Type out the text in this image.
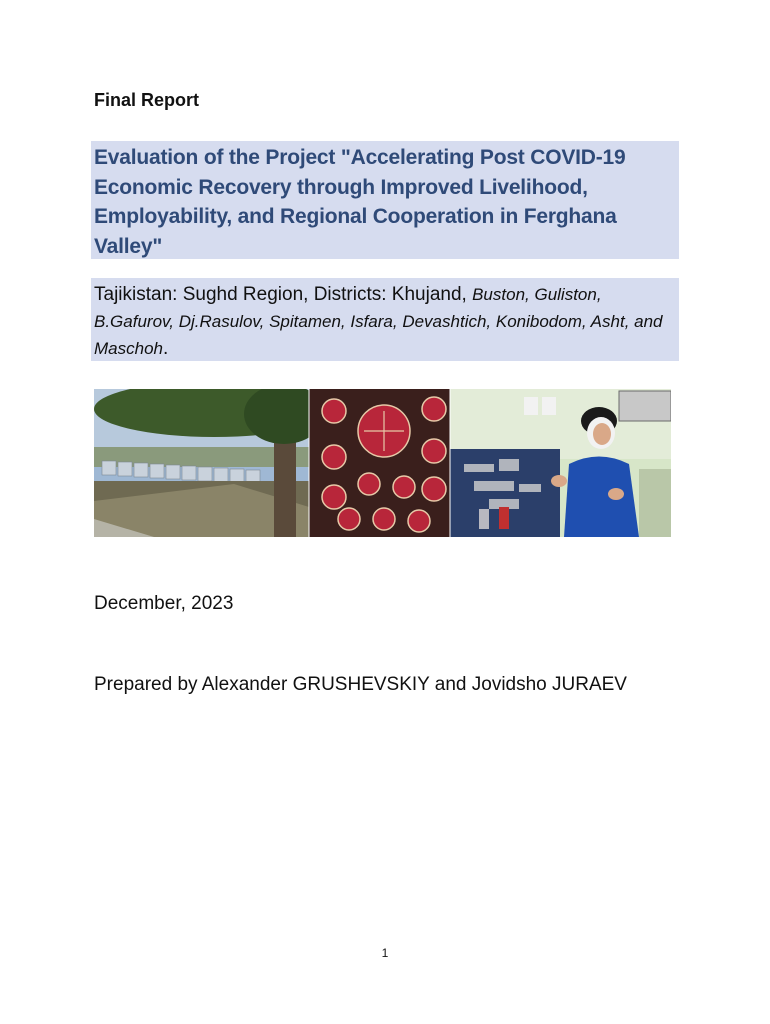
Final Report
Evaluation of the Project "Accelerating Post COVID-19 Economic Recovery through Improved Livelihood, Employability, and Regional Cooperation in Ferghana Valley"
Tajikistan: Sughd Region, Districts: Khujand, Buston, Guliston, B.Gafurov, Dj.Rasulov, Spitamen, Isfara, Devashtich, Konibodom, Asht, and Maschoh.
December, 2023
Prepared by Alexander GRUSHEVSKIY and Jovidsho JURAEV
1
